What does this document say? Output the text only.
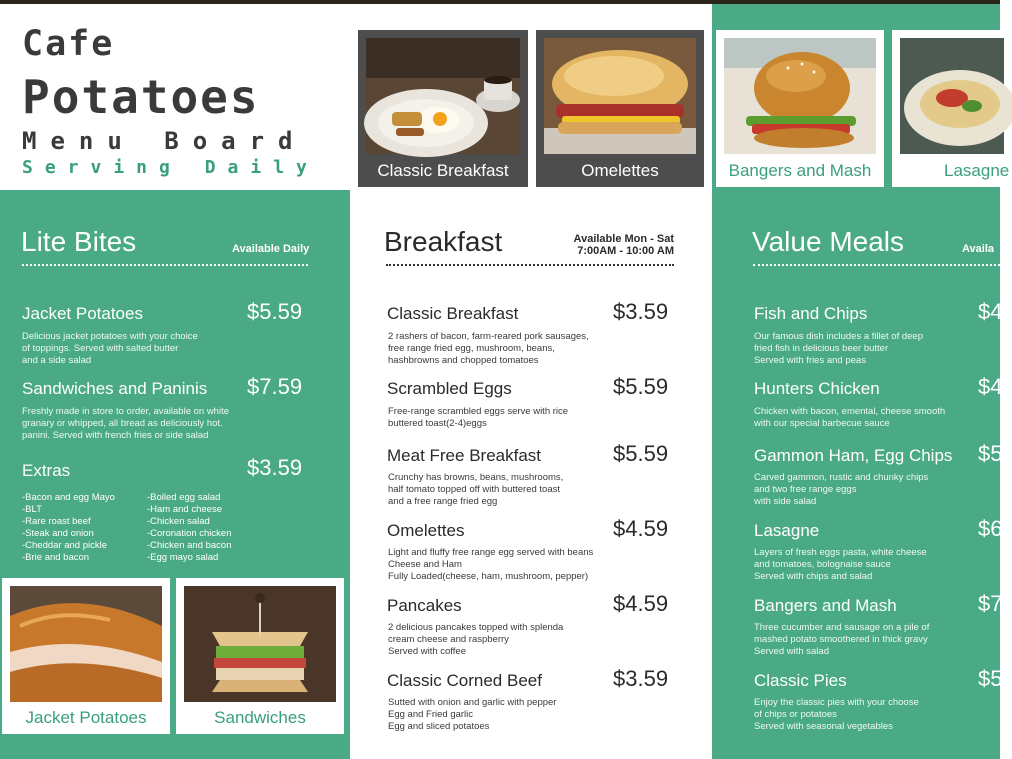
Cafe
Potatoes
Menu Board
Serving Daily	Classic Breakfast	Omelettes	Bangers and Mash	Lasagne
Lite Bites	Available Daily
Jacket Potatoes	$5.59
Delicious jacket potatoes with your choice
of toppings. Served with salted butter
and a side salad
Sandwiches and Paninis $7.59
Freshly made in store to order, available on white
granary or whipped, all bread as deliciously hot.
panini. Served with french fries or side salad
Extras	$3.59
-Bacon and egg Mayo
-BLT
-Rare roast beef
-Steak and onion
-Cheddar and pickle
-Brie and bacon
-Boiled egg salad
-Ham and cheese
-Chicken salad
-Coronation chicken
-Chicken and bacon
-Egg mayo salad
Jacket Potatoes	Sandwiches
Breakfast	Available Mon - Sat
7:00AM - 10:00 AM
Classic Breakfast	$3.59
2 rashers of bacon, farm-reared pork sausages,
free range fried egg, mushroom, beans,
hashbrowns and chopped tomatoes
Scrambled Eggs	$5.59
Free-range scrambled eggs serve with rice
buttered toast(2-4)eggs
Meat Free Breakfast	$5.59
Crunchy has browns, beans, mushrooms,
half tomato topped off with buttered toast
and a free range fried egg
Omelettes	$4.59
Light and fluffy free range egg served with beans
Cheese and Ham
Fully Loaded(cheese, ham, mushroom, pepper)
Pancakes	$4.59
2 delicious pancakes topped with splenda
cream cheese and raspberry
Served with coffee
Classic Corned Beef	$3.59
Sutted with onion and garlic with pepper
Egg and Fried garlic
Egg and sliced potatoes
Value Meals	Availa
Fish and Chips	$4
Our famous dish includes a fillet of deep
fried fish in delicious beer butter
Served with fries and peas
Hunters Chicken	$4
Chicken with bacon, emental, cheese smooth
with our special barbecue sauce
Gammon Ham, Egg Chips $5
Carved gammon, rustic and chunky chips
and two free range eggs
with side salad
Lasagne	$6
Layers of fresh eggs pasta, white cheese
and tomatoes, bolognaise sauce
Served with chips and salad
Bangers and Mash	$7
Three cucumber and sausage on a pile of
mashed potato smoothered in thick gravy
Served with salad
Classic Pies	$5
Enjoy the classic pies with your choose
of chips or potatoes
Served with seasonal vegetables
